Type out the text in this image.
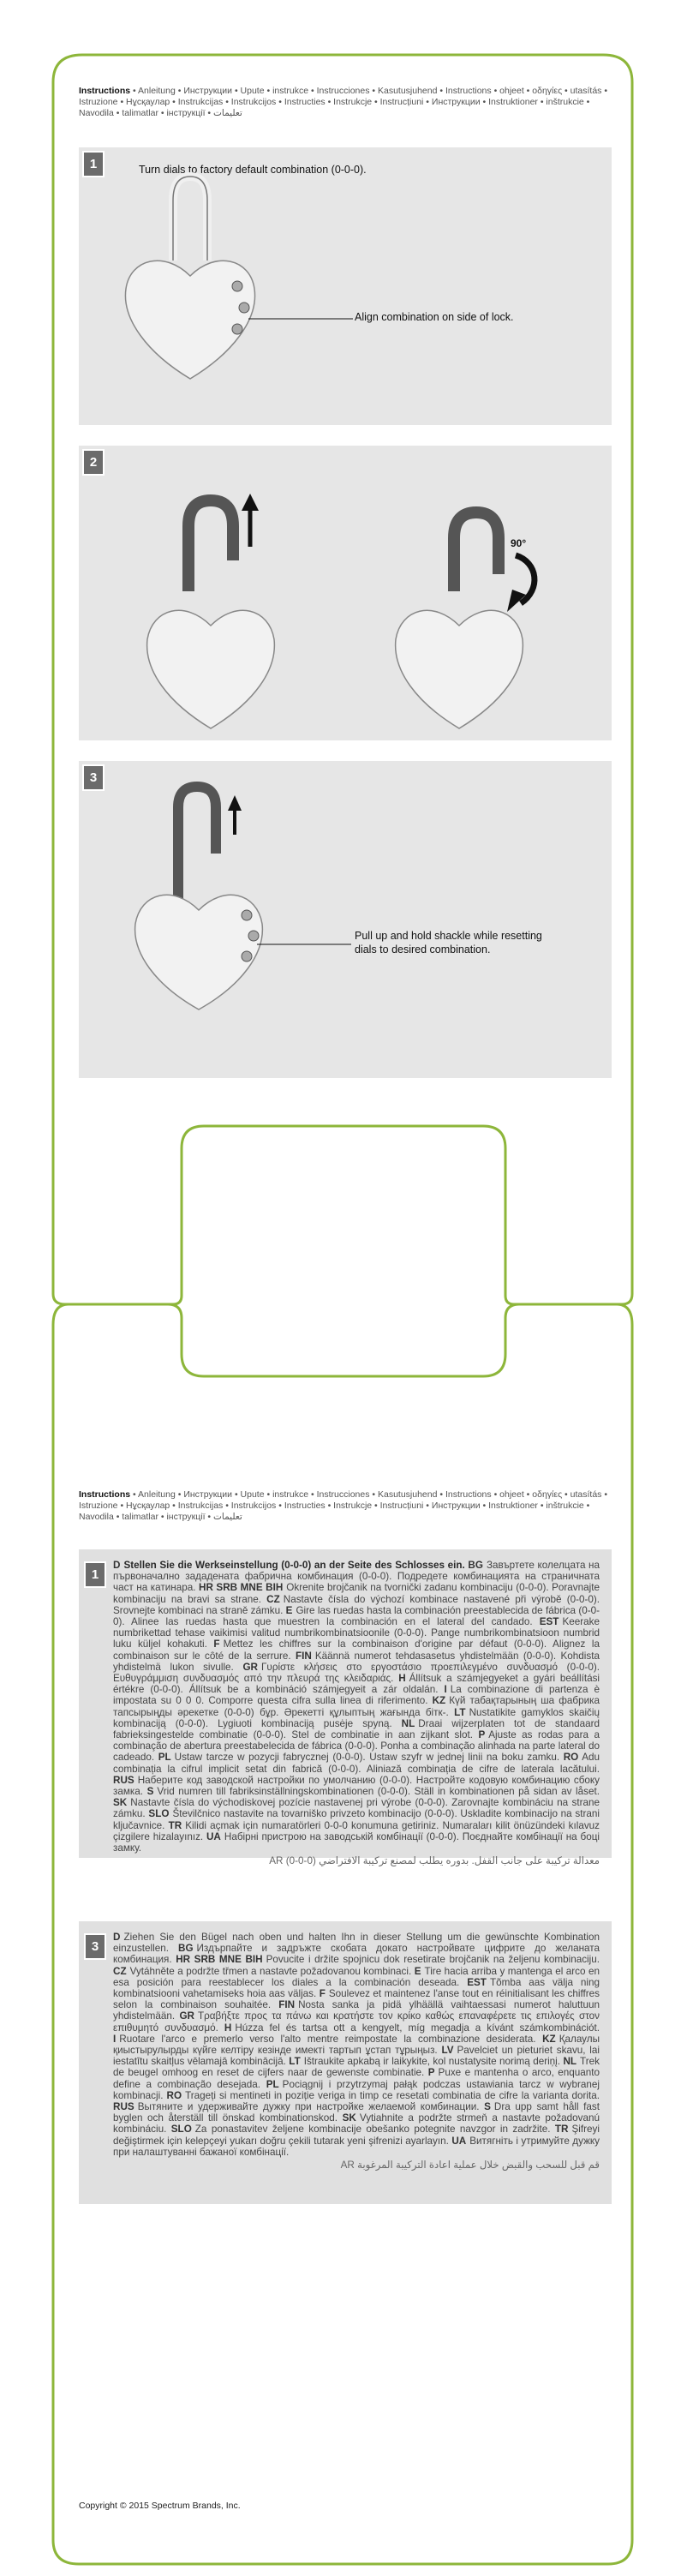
Instructions • Anleitung • Инструкции • Upute • instrukce • Instrucciones • Kasutusjuhend • Instructions • ohjeet • οδηγίες • utasítás • Istruzione • Нұсқаулар • Instrukcijas • Instrukcijos • Instructies • Instrukcje • Instrucțiuni • Инструкции • Instruktioner • inštrukcie • Navodila • talimatlar • інструкції • تعليمات
1	Turn dials to factory default combination (0-0-0).
Align combination on side of lock.
2
90°
3
Pull up and hold shackle while resetting dials to desired combination.
Instructions • Anleitung • Инструкции • Upute • instrukce • Instrucciones • Kasutusjuhend • Instructions • ohjeet • οδηγίες • utasítás • Istruzione • Нұсқаулар • Instrukcijas • Instrukcijos • Instructies • Instrukcje • Instrucțiuni • Инструкции • Instruktioner • inštrukcie • Navodila • talimatlar • інструкції • تعليمات
1
D Stellen Sie die Werkseinstellung (0-0-0) an der Seite des Schlosses ein. BG Завъртете колелцата на първоначално зададената фабрична комбинация (0-0-0). Подредете комбинацията на страничната част на катинара. HR SRB MNE BIH Okrenite brojčanik na tvornički zadanu kombinaciju (0-0-0). Poravnajte kombinaciju na bravi sa strane. CZ Nastavte čísla do výchozí kombinace nastavené při výrobě (0-0-0). Srovnejte kombinaci na straně zámku. E Gire las ruedas hasta la combinación preestablecida de fábrica (0-0-0). Alinee las ruedas hasta que muestren la combinación en el lateral del candado. EST Keerake numbrikettad tehase vaikimisi valitud numbrikombinatsioonile (0-0-0). Pange numbrikombinatsioon numbrid luku küljel kohakuti. F Mettez les chiffres sur la combinaison d'origine par défaut (0-0-0). Alignez la combinaison sur le côté de la serrure. FIN Käännä numerot tehdasasetus yhdistelmään (0-0-0). Kohdista yhdistelmä lukon sivulle. GR Γυρίστε κλήσεις στο εργοστάσιο προεπιλεγμένο συνδυασμό (0-0-0). Ευθυγράμμιση συνδυασμός από την πλευρά της κλειδαριάς. H Állítsuk a számjegyeket a gyári beállítási értékre (0-0-0). Állítsuk be a kombináció számjegyeit a zár oldalán. I La combinazione di partenza è impostata su 0 0 0. Comporre questa cifra sulla linea di riferimento. KZ Күй табақтарының ша фабрика тапсырыңды әрекетке (0-0-0) бұр. Әрекетті құлыптың жағында бітк-. LT Nustatikite gamyklos skaičių kombinaciją (0-0-0). Lygiuoti kombinaciją pusėje spyną. NL Draai wijzerplaten tot de standaard fabrieksingestelde combinatie (0-0-0). Stel de combinatie in aan zijkant slot. P Ajuste as rodas para a combinação de abertura preestabelecida de fábrica (0-0-0). Ponha a combinação alinhada na parte lateral do cadeado. PL Ustaw tarcze w pozycji fabrycznej (0-0-0). Ustaw szyfr w jednej linii na boku zamku. RO Adu combinația la cifrul implicit setat din fabrică (0-0-0). Aliniază combinația de cifre de laterala lacătului. RUS Наберите код заводской настройки по умолчанию (0-0-0). Настройте кодовую комбинацию сбоку замка. S Vrid numren till fabriksinställningskombinationen (0-0-0). Ställ in kombinationen på sidan av låset. SK Nastavte čísla do východiskovej pozície nastavenej pri výrobe (0-0-0). Zarovnajte kombináciu na strane zámku. SLO Številčnico nastavite na tovarniško privzeto kombinacijo (0-0-0). Uskladite kombinacijo na strani ključavnice. TR Kilidi açmak için numaratörleri 0-0-0 konumuna getiriniz. Numaraları kilit önüzündeki kılavuz çizgilere hizalayınız. UA Набірні пристрою на заводській комбінації (0-0-0). Поєднайте комбінації на боці замку.
AR معدالة تركيبة على جانب القفل. بدوره يطلب لمصنع تركيبة الافتراضي (0-0-0)
3
D Ziehen Sie den Bügel nach oben und halten Ihn in dieser Stellung um die gewünschte Kombination einzustellen. BG Издърпайте и задръжте скобата докато настройвате цифрите до желаната комбинация. HR SRB MNE BIH Povucite i držite spojnicu dok resetirate brojčanik na željenu kombinaciju. CZ Vytáhněte a podržte třmen a nastavte požadovanou kombinaci. E Tire hacia arriba y mantenga el arco en esa posición para reestablecer los diales a la combinación deseada. EST Tõmba aas välja ning kombinatsiooni vahetamiseks hoia aas väljas. F Soulevez et maintenez l'anse tout en réinitialisant les chiffres selon la combinaison souhaitée. FIN Nosta sanka ja pidä ylhäällä vaihtaessasi numerot haluttuun yhdistelmään. GR Τραβήξτε προς τα πάνω και κρατήστε τον κρίκο καθώς επαναφέρετε τις επιλογές στον επιθυμητό συνδυασμό. H Húzza fel és tartsa ott a kengyelt, míg megadja a kívánt számkombinációt. I Ruotare l'arco e premerlo verso l'alto mentre reimpostate la combinazione desiderata. KZ Қалаулы қиыстырулырды күйге келтіру кезінде имекті тартып ұстап тұрыңыз. LV Pavelciet un pieturiet skavu, lai iestatītu skaitļus vēlamajā kombinācijā. LT Ištraukite apkabą ir laikykite, kol nustatysite norimą deriņį. NL Trek de beugel omhoog en reset de cijfers naar de gewenste combinatie. P Puxe e mantenha o arco, enquanto define a combinação desejada. PL Pociągnij i przytrzymaj pałąk podczas ustawiania tarcz w wybranej kombinacji. RO Trageți si mentineti in poziție veriga in timp ce resetati combinatia de cifre la varianta dorita. RUS Вытяните и удерживайте дужку при настройке желаемой комбинации. S Dra upp samt håll fast byglen och återställ till önskad kombinationskod. SK Vytiahnite a podržte strmeň a nastavte požadovanú kombináciu. SLO Za ponastavitev željene kombinacije obešanko potegnite navzgor in zadržite. TR Şifreyi değiştirmek için kelepçeyi yukarı doğru çekili tutarak yeni şifrenizi ayarlayın. UA Витягніть і утримуйте дужку при налаштуванні бажаної комбінації.
AR قم قبل للسحب والقبض خلال عملية اعادة التركيبة المرغوبة
Copyright © 2015 Spectrum Brands, Inc.
